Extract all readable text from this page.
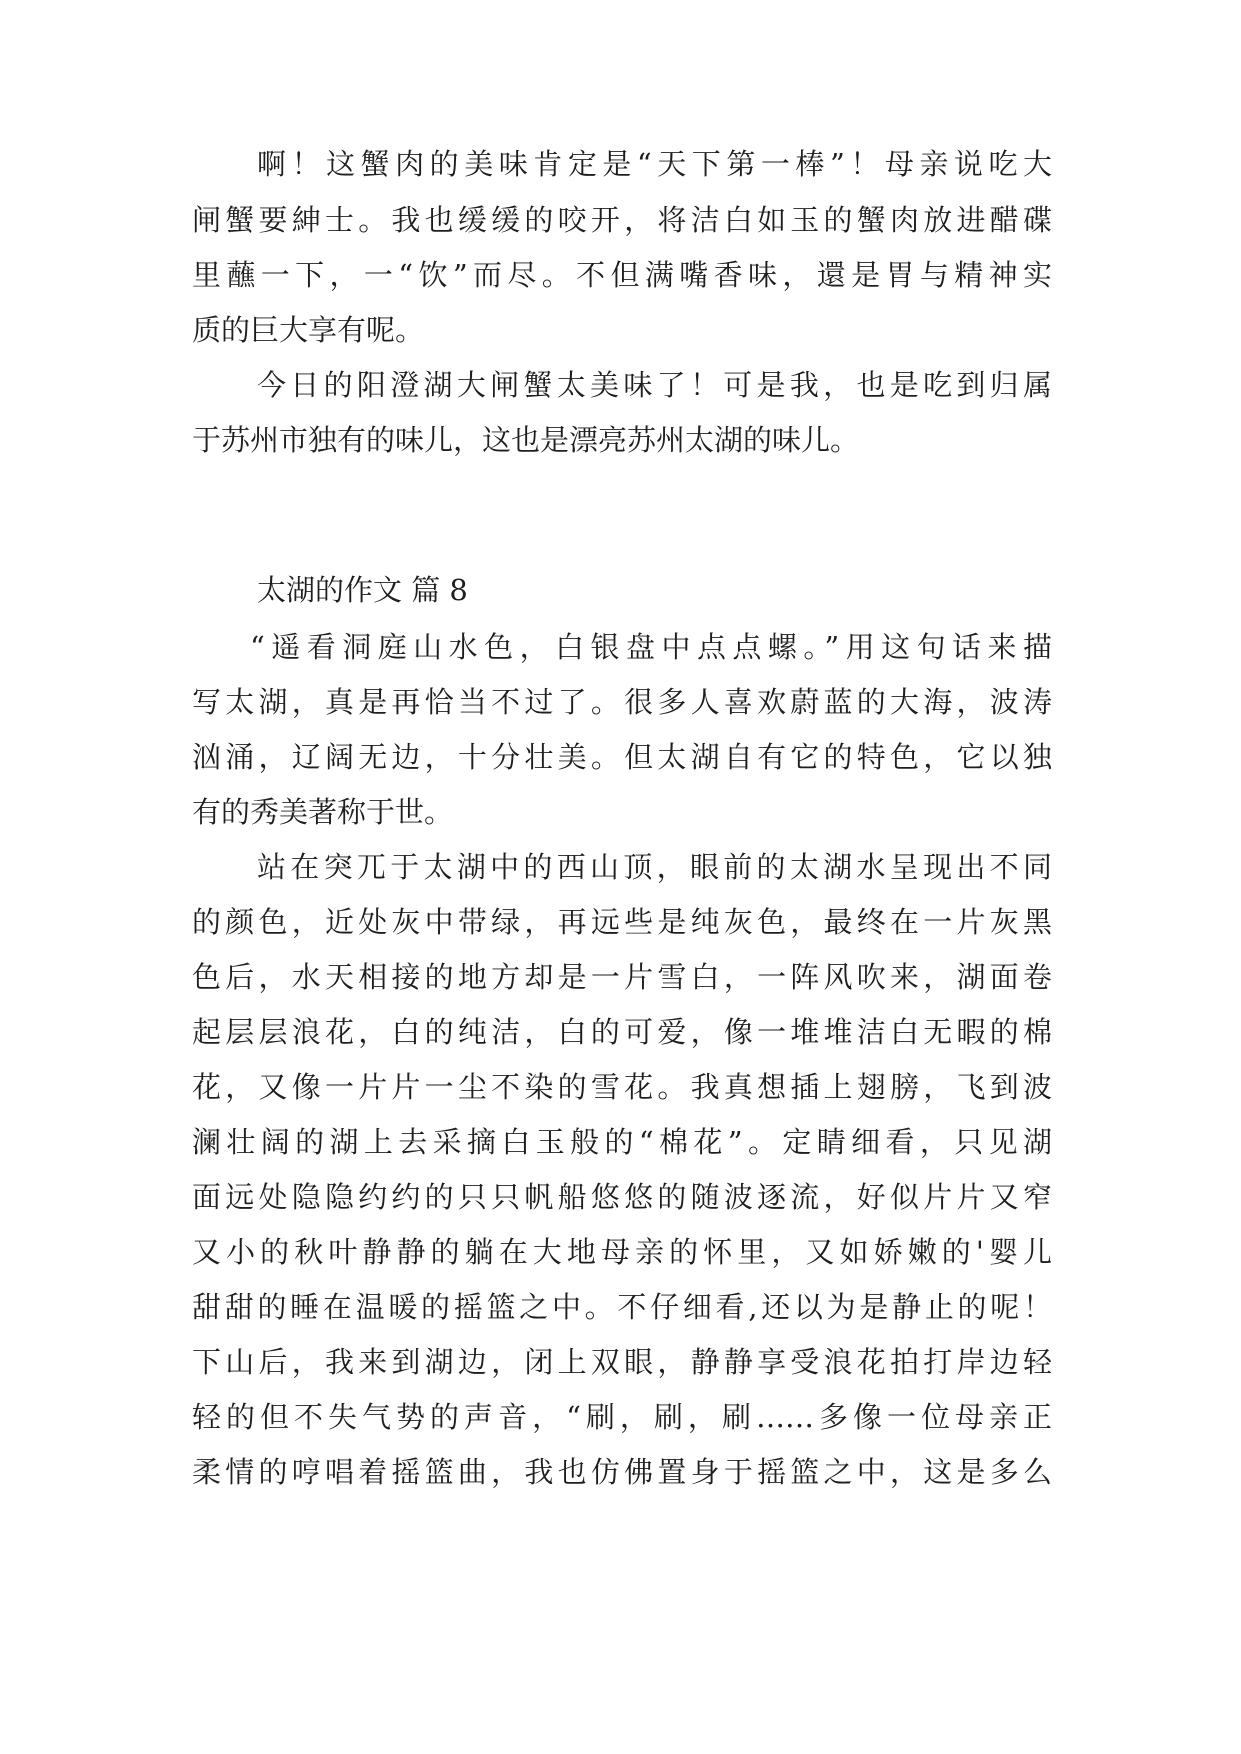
啊！这蟹肉的美味肯定是“天下第一棒”！母亲说吃大
闸蟹要紳士。我也缓缓的咬开，将洁白如玉的蟹肉放进醋碟
里蘸一下，一“饮”而尽。不但满嘴香味，還是胃与精神实
质的巨大享有呢。
今日的阳澄湖大闸蟹太美味了！可是我，也是吃到归属
于苏州市独有的味儿，这也是漂亮苏州太湖的味儿。
太湖的作文 篇 8
“遥看洞庭山水色，白银盘中点点螺。”用这句话来描
写太湖，真是再恰当不过了。很多人喜欢蔚蓝的大海，波涛
汹涌，辽阔无边，十分壮美。但太湖自有它的特色，它以独
有的秀美著称于世。
站在突兀于太湖中的西山顶，眼前的太湖水呈现出不同
的颜色，近处灰中带绿，再远些是纯灰色，最终在一片灰黑
色后，水天相接的地方却是一片雪白，一阵风吹来，湖面卷
起层层浪花，白的纯洁，白的可爱，像一堆堆洁白无暇的棉
花，又像一片片一尘不染的雪花。我真想插上翅膀，飞到波
澜壮阔的湖上去采摘白玉般的“棉花”。定睛细看，只见湖
面远处隐隐约约的只只帆船悠悠的随波逐流，好似片片又窄
又小的秋叶静静的躺在大地母亲的怀里，又如娇嫩的'婴儿
甜甜的睡在温暖的摇篮之中。不仔细看,还以为是静止的呢！
下山后，我来到湖边，闭上双眼，静静享受浪花拍打岸边轻
轻的但不失气势的声音，“刷，刷，刷……多像一位母亲正
柔情的哼唱着摇篮曲，我也仿佛置身于摇篮之中，这是多么
